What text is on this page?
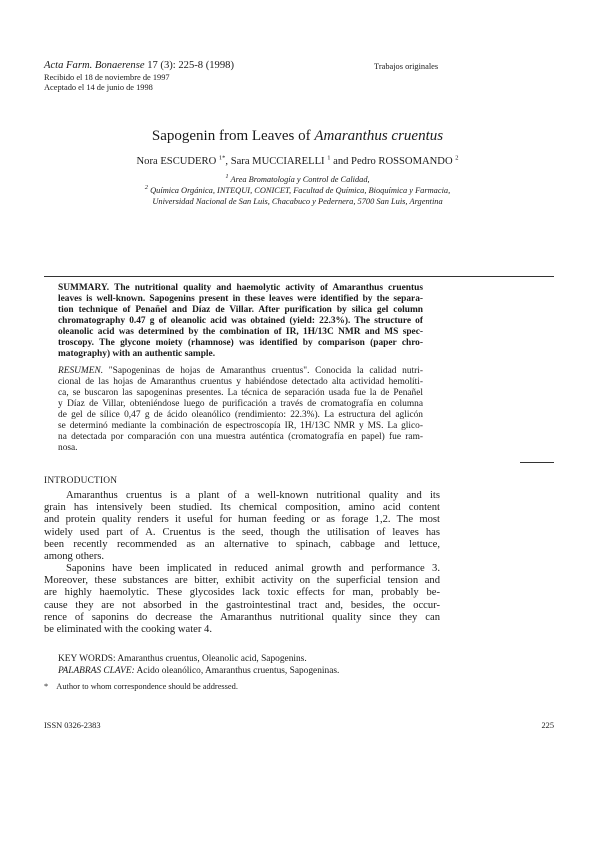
Acta Farm. Bonaerense 17 (3): 225-8 (1998)	Trabajos originales
Recibido el 18 de noviembre de 1997
Aceptado el 14 de junio de 1998
Sapogenin from Leaves of Amaranthus cruentus
Nora ESCUDERO $^{1*}$, Sara MUCCIARELLI $^1$ and Pedro ROSSOMANDO $^2$
$^1$ Area Bromatología y Control de Calidad,
$^2$ Química Orgánica, INTEQUI, CONICET, Facultad de Química, Bioquímica y Farmacia,
Universidad Nacional de San Luis, Chacabuco y Pedernera, 5700 San Luis, Argentina
SUMMARY. The nutritional quality and haemolytic activity of Amaranthus cruentus
leaves is well-known. Sapogenins present in these leaves were identified by the separa-
tion technique of Penañel and Díaz de Villar. After purification by silica gel column
chromatography 0.47 g of oleanolic acid was obtained (yield: 22.3%). The structure of
oleanolic acid was determined by the combination of IR, 1H/13C NMR and MS spec-
troscopy. The glycone moiety (rhamnose) was identified by comparison (paper chro-
matography) with an authentic sample.
RESUMEN. "Sapogeninas de hojas de Amaranthus cruentus". Conocida la calidad nutri-
cional de las hojas de Amaranthus cruentus y habiéndose detectado alta actividad hemolíti-
ca, se buscaron las sapogeninas presentes. La técnica de separación usada fue la de Penañel
y Díaz de Villar, obteniéndose luego de purificación a través de cromatografía en columna
de gel de sílice 0,47 g de ácido oleanólico (rendimiento: 22.3%). La estructura del aglicón
se determinó mediante la combinación de espectroscopía IR, 1H/13C NMR y MS. La glico-
na detectada por comparación con una muestra auténtica (cromatografía en papel) fue ram-
nosa.
INTRODUCTION
Amaranthus cruentus is a plant of a well-known nutritional quality and its
grain has intensively been studied. Its chemical composition, amino acid content
and protein quality renders it useful for human feeding or as forage 1,2. The most
widely used part of A. Cruentus is the seed, though the utilisation of leaves has
been recently recommended as an alternative to spinach, cabbage and lettuce,
among others.
Saponins have been implicated in reduced animal growth and performance 3.
Moreover, these substances are bitter, exhibit activity on the superficial tension and
are highly haemolytic. These glycosides lack toxic effects for man, probably be-
cause they are not absorbed in the gastrointestinal tract and, besides, the occur-
rence of saponins do decrease the Amaranthus nutritional quality since they can
be eliminated with the cooking water 4.
KEY WORDS: Amaranthus cruentus, Oleanolic acid, Sapogenins.
PALABRAS CLAVE: Acido oleanólico, Amaranthus cruentus, Sapogeninas.
* Author to whom correspondence should be addressed.
ISSN 0326-2383	225
